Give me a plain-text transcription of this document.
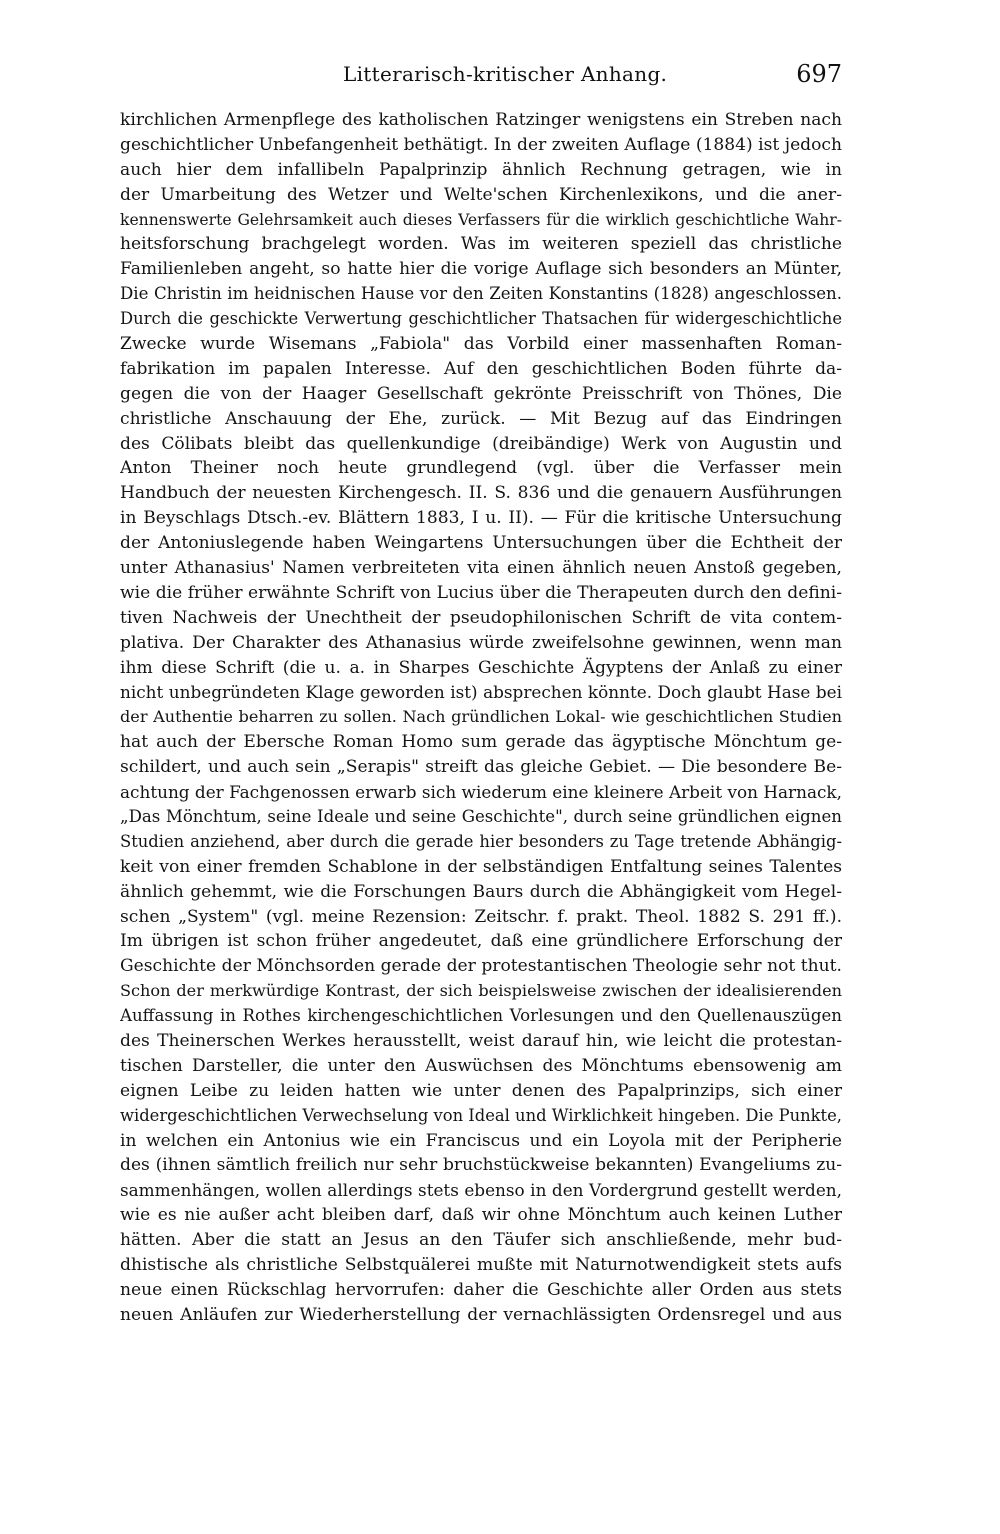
Litterarisch-kritischer Anhang.	697
kirchlichen Armenpflege des katholischen Ratzinger wenigstens ein Streben nach
geschichtlicher Unbefangenheit bethätigt. In der zweiten Auflage (1884) ist jedoch
auch hier dem infallibeln Papalprinzip ähnlich Rechnung getragen, wie in
der Umarbeitung des Wetzer und Welte'schen Kirchenlexikons, und die aner-
kennenswerte Gelehrsamkeit auch dieses Verfassers für die wirklich geschichtliche Wahr-
heitsforschung brachgelegt worden. Was im weiteren speziell das christliche
Familienleben angeht, so hatte hier die vorige Auflage sich besonders an Münter,
Die Christin im heidnischen Hause vor den Zeiten Konstantins (1828) angeschlossen.
Durch die geschickte Verwertung geschichtlicher Thatsachen für widergeschichtliche
Zwecke wurde Wisemans „Fabiola" das Vorbild einer massenhaften Roman-
fabrikation im papalen Interesse. Auf den geschichtlichen Boden führte da-
gegen die von der Haager Gesellschaft gekrönte Preisschrift von Thönes, Die
christliche Anschauung der Ehe, zurück. — Mit Bezug auf das Eindringen
des Cölibats bleibt das quellenkundige (dreibändige) Werk von Augustin und
Anton Theiner noch heute grundlegend (vgl. über die Verfasser mein
Handbuch der neuesten Kirchengesch. II. S. 836 und die genauern Ausführungen
in Beyschlags Dtsch.-ev. Blättern 1883, I u. II). — Für die kritische Untersuchung
der Antoniuslegende haben Weingartens Untersuchungen über die Echtheit der
unter Athanasius' Namen verbreiteten vita einen ähnlich neuen Anstoß gegeben,
wie die früher erwähnte Schrift von Lucius über die Therapeuten durch den defini-
tiven Nachweis der Unechtheit der pseudophilonischen Schrift de vita contem-
plativa. Der Charakter des Athanasius würde zweifelsohne gewinnen, wenn man
ihm diese Schrift (die u. a. in Sharpes Geschichte Ägyptens der Anlaß zu einer
nicht unbegründeten Klage geworden ist) absprechen könnte. Doch glaubt Hase bei
der Authentie beharren zu sollen. Nach gründlichen Lokal- wie geschichtlichen Studien
hat auch der Ebersche Roman Homo sum gerade das ägyptische Mönchtum ge-
schildert, und auch sein „Serapis" streift das gleiche Gebiet. — Die besondere Be-
achtung der Fachgenossen erwarb sich wiederum eine kleinere Arbeit von Harnack,
„Das Mönchtum, seine Ideale und seine Geschichte", durch seine gründlichen eignen
Studien anziehend, aber durch die gerade hier besonders zu Tage tretende Abhängig-
keit von einer fremden Schablone in der selbständigen Entfaltung seines Talentes
ähnlich gehemmt, wie die Forschungen Baurs durch die Abhängigkeit vom Hegel-
schen „System" (vgl. meine Rezension: Zeitschr. f. prakt. Theol. 1882 S. 291 ff.).
Im übrigen ist schon früher angedeutet, daß eine gründlichere Erforschung der
Geschichte der Mönchsorden gerade der protestantischen Theologie sehr not thut.
Schon der merkwürdige Kontrast, der sich beispielsweise zwischen der idealisierenden
Auffassung in Rothes kirchengeschichtlichen Vorlesungen und den Quellenauszügen
des Theinerschen Werkes herausstellt, weist darauf hin, wie leicht die protestan-
tischen Darsteller, die unter den Auswüchsen des Mönchtums ebensowenig am
eignen Leibe zu leiden hatten wie unter denen des Papalprinzips, sich einer
widergeschichtlichen Verwechselung von Ideal und Wirklichkeit hingeben. Die Punkte,
in welchen ein Antonius wie ein Franciscus und ein Loyola mit der Peripherie
des (ihnen sämtlich freilich nur sehr bruchstückweise bekannten) Evangeliums zu-
sammenhängen, wollen allerdings stets ebenso in den Vordergrund gestellt werden,
wie es nie außer acht bleiben darf, daß wir ohne Mönchtum auch keinen Luther
hätten. Aber die statt an Jesus an den Täufer sich anschließende, mehr bud-
dhistische als christliche Selbstquälerei mußte mit Naturnotwendigkeit stets aufs
neue einen Rückschlag hervorrufen: daher die Geschichte aller Orden aus stets
neuen Anläufen zur Wiederherstellung der vernachlässigten Ordensregel und aus
